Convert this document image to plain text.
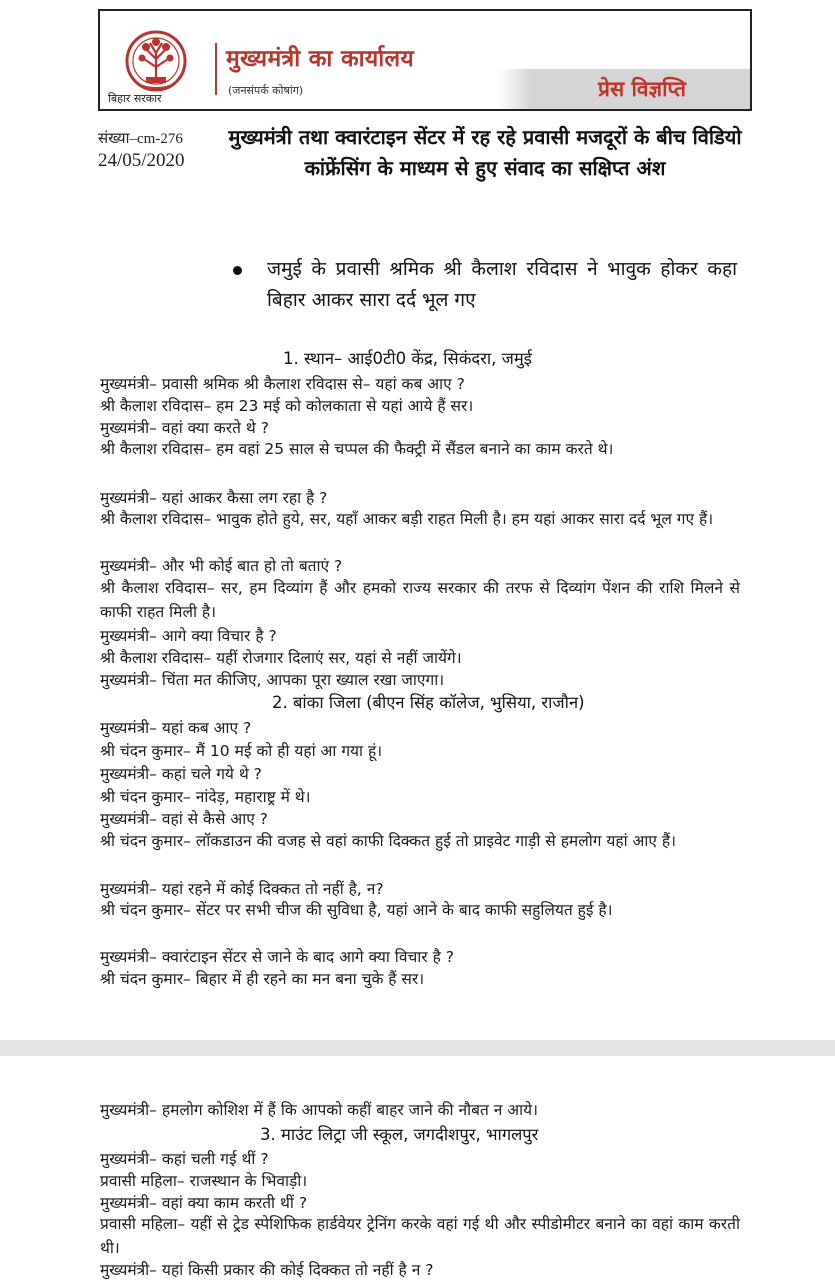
बिहार सरकार
मुख्यमंत्री का कार्यालय
(जनसंपर्क कोषांग)	प्रेस विज्ञप्ति
संख्या–cm-276
24/05/2020
मुख्यमंत्री तथा क्वारंटाइन सेंटर में रह रहे प्रवासी मजदूरों के बीच विडियो कांफ्रेंसिंग के माध्यम से हुए संवाद का सक्षिप्त अंश
जमुई के प्रवासी श्रमिक श्री कैलाश रविदास ने भावुक होकर कहा बिहार आकर सारा दर्द भूल गए
1. स्थान– आई0टी0 केंद्र, सिकंदरा, जमुई
मुख्यमंत्री– प्रवासी श्रमिक श्री कैलाश रविदास से– यहां कब आए ?
श्री कैलाश रविदास– हम 23 मई को कोलकाता से यहां आये हैं सर।
मुख्यमंत्री– वहां क्या करते थे ?
श्री कैलाश रविदास– हम वहां 25 साल से चप्पल की फैक्ट्री में सैंडल बनाने का काम करते थे।
मुख्यमंत्री– यहां आकर कैसा लग रहा है ?
श्री कैलाश रविदास– भावुक होते हुये, सर, यहाँ आकर बड़ी राहत मिली है। हम यहां आकर सारा दर्द भूल गए हैं।
मुख्यमंत्री– और भी कोई बात हो तो बताएं ?
श्री कैलाश रविदास– सर, हम दिव्यांग हैं और हमको राज्य सरकार की तरफ से दिव्यांग पेंशन की राशि मिलने से काफी राहत मिली है।
मुख्यमंत्री– आगे क्या विचार है ?
श्री कैलाश रविदास– यहीं रोजगार दिलाएं सर, यहां से नहीं जायेंगे।
मुख्यमंत्री– चिंता मत कीजिए, आपका पूरा ख्याल रखा जाएगा।
2. बांका जिला (बीएन सिंह कॉलेज, भुसिया, राजौन)
मुख्यमंत्री– यहां कब आए ?
श्री चंदन कुमार– मैं 10 मई को ही यहां आ गया हूं।
मुख्यमंत्री– कहां चले गये थे ?
श्री चंदन कुमार– नांदेड़, महाराष्ट्र में थे।
मुख्यमंत्री– वहां से कैसे आए ?
श्री चंदन कुमार– लॉकडाउन की वजह से वहां काफी दिक्कत हुई तो प्राइवेट गाड़ी से हमलोग यहां आए हैं।
मुख्यमंत्री– यहां रहने में कोई दिक्कत तो नहीं है, न?
श्री चंदन कुमार– सेंटर पर सभी चीज की सुविधा है, यहां आने के बाद काफी सहुलियत हुई है।
मुख्यमंत्री– क्वारंटाइन सेंटर से जाने के बाद आगे क्या विचार है ?
श्री चंदन कुमार– बिहार में ही रहने का मन बना चुके हैं सर।
मुख्यमंत्री– हमलोग कोशिश में हैं कि आपको कहीं बाहर जाने की नौबत न आये।
3. माउंट लिट्रा जी स्कूल, जगदीशपुर, भागलपुर
मुख्यमंत्री– कहां चली गई थीं ?
प्रवासी महिला– राजस्थान के भिवाड़ी।
मुख्यमंत्री– वहां क्या काम करती थीं ?
प्रवासी महिला– यहीं से ट्रेड स्पेशिफिक हार्डवेयर ट्रेनिंग करके वहां गई थी और स्पीडोमीटर बनाने का वहां काम करती थी।
मुख्यमंत्री– यहां किसी प्रकार की कोई दिक्कत तो नहीं है न ?
